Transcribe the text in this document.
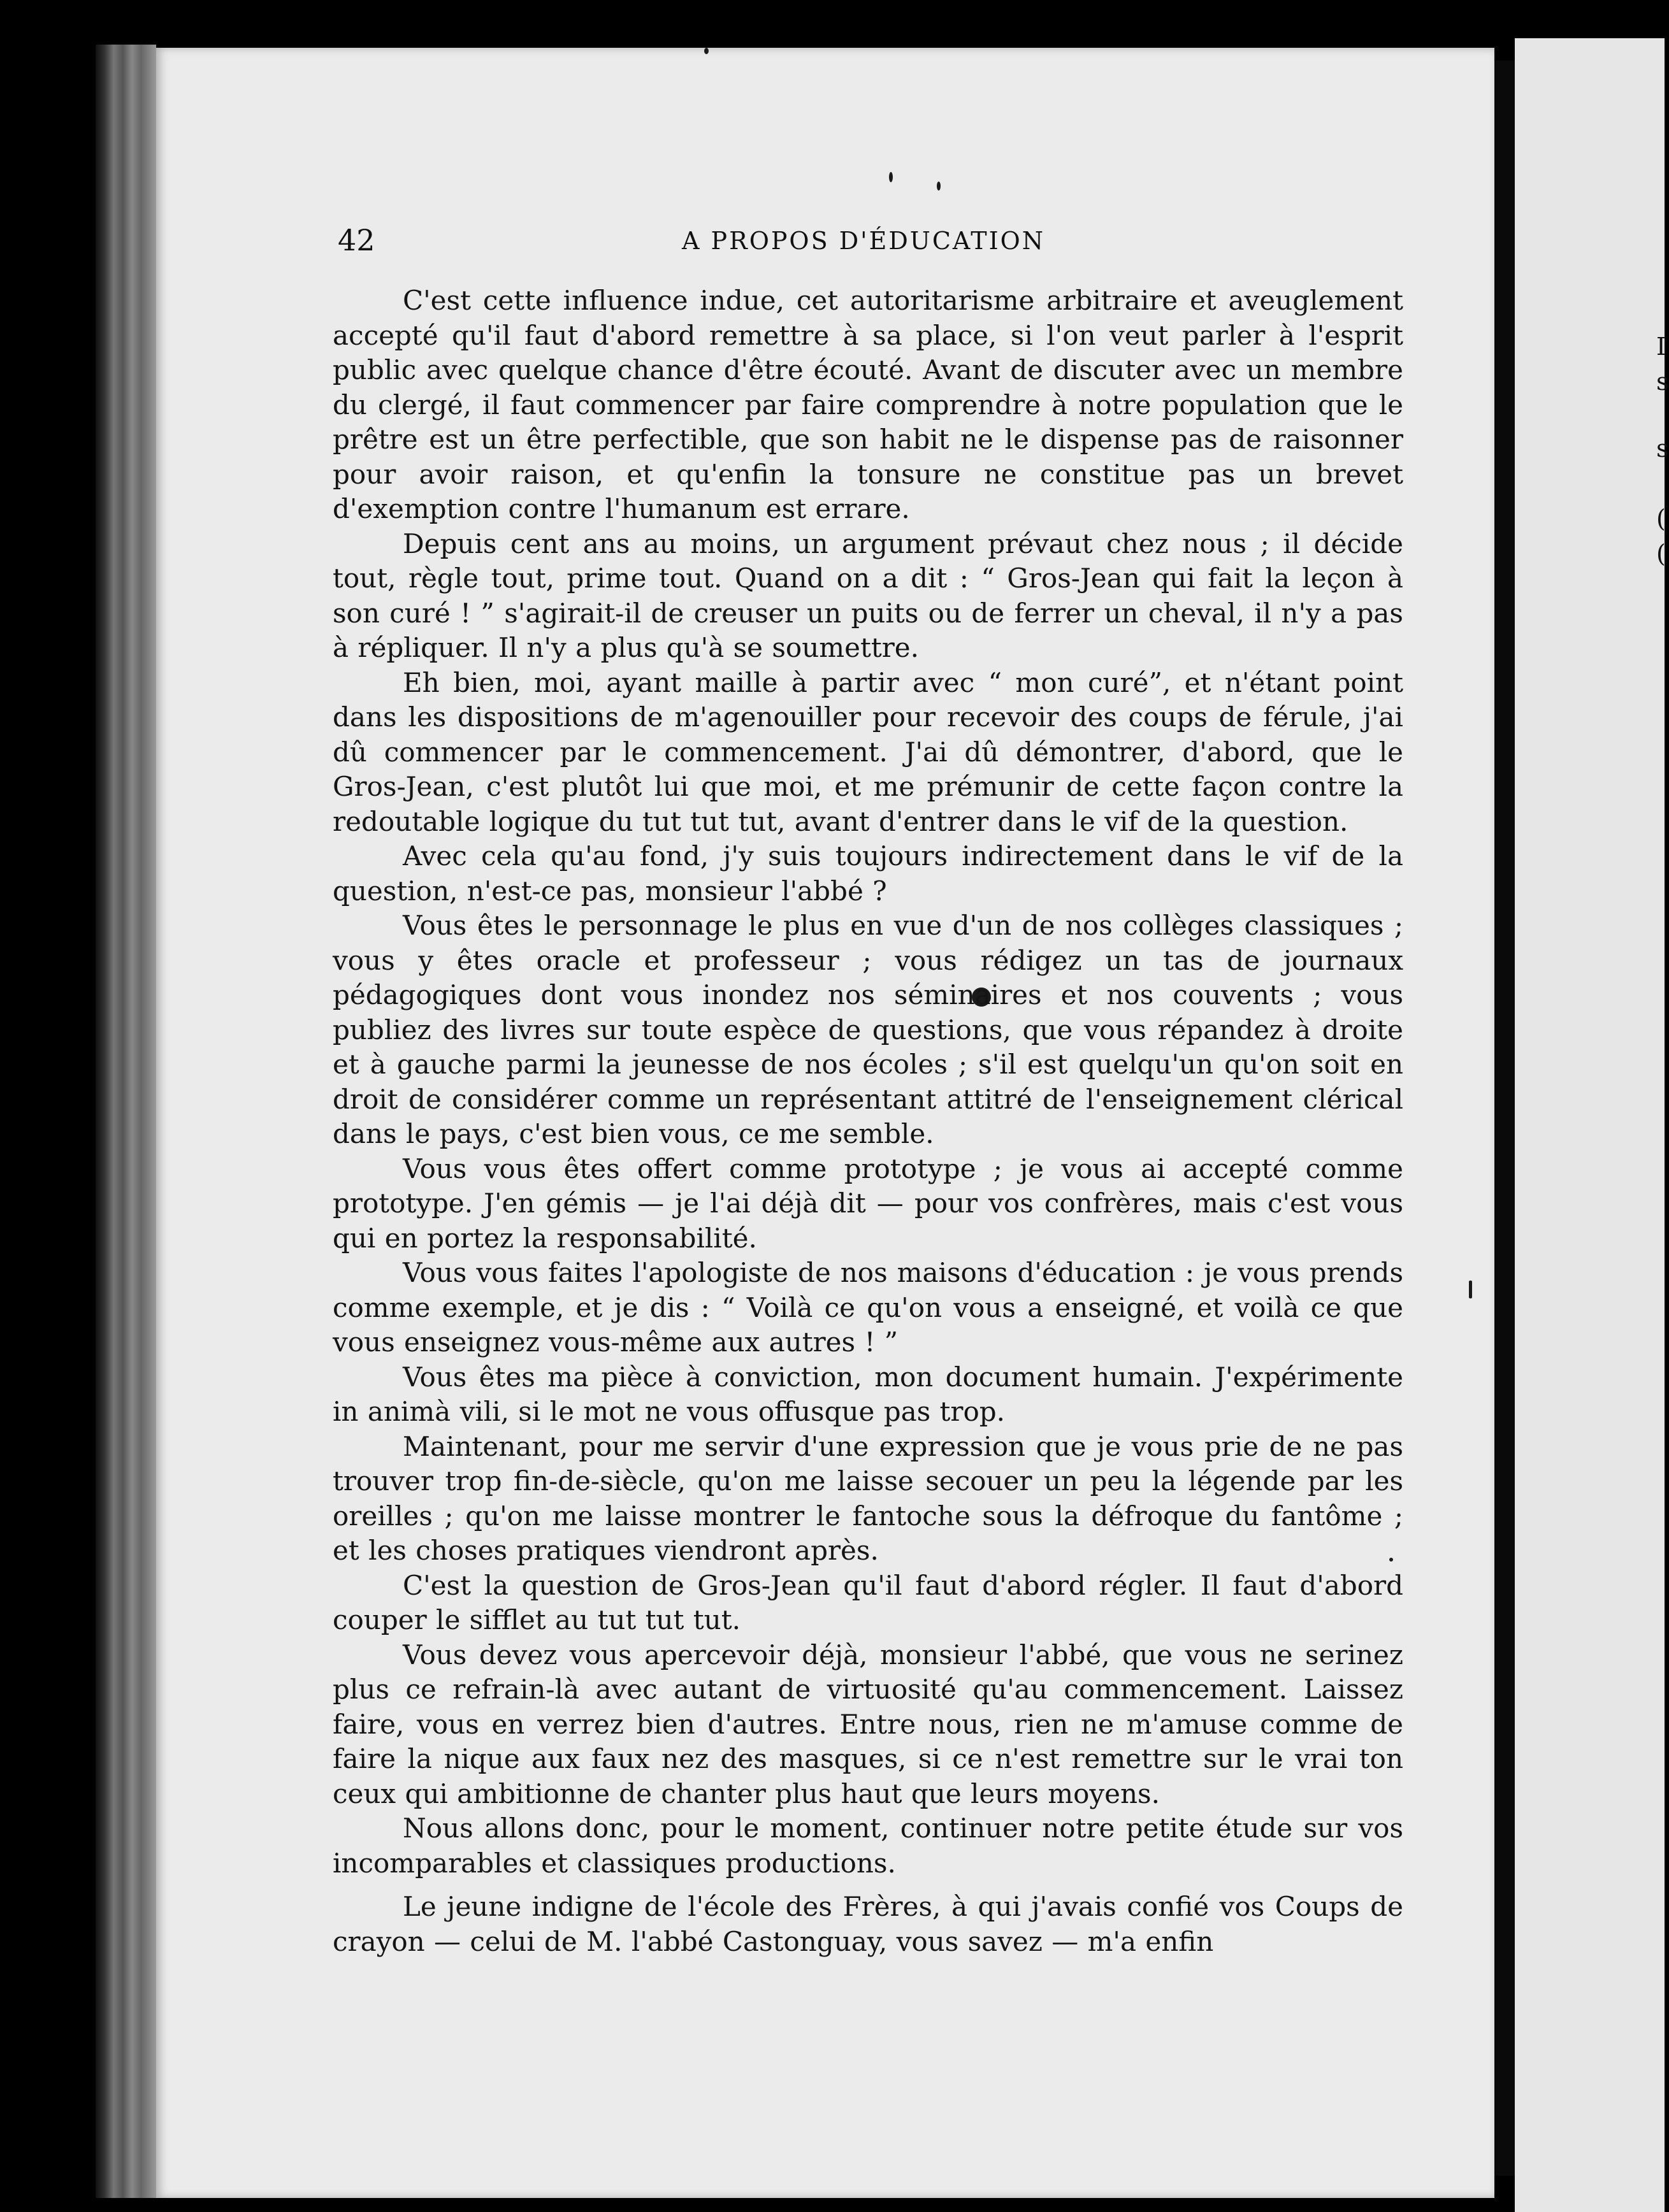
I
s
s
(
(
42	A PROPOS D'ÉDUCATION

C'est cette influence indue, cet autoritarisme arbitraire et aveuglement accepté qu'il faut d'abord remettre à sa place, si l'on veut parler à l'esprit public avec quelque chance d'être écouté. Avant de discuter avec un membre du clergé, il faut commencer par faire comprendre à notre population que le prêtre est un être perfectible, que son habit ne le dispense pas de raisonner pour avoir raison, et qu'enfin la tonsure ne constitue pas un brevet d'exemption contre l'humanum est errare.

Depuis cent ans au moins, un argument prévaut chez nous ; il décide tout, règle tout, prime tout. Quand on a dit : “ Gros-Jean qui fait la leçon à son curé ! ” s'agirait-il de creuser un puits ou de ferrer un cheval, il n'y a pas à répliquer. Il n'y a plus qu'à se soumettre.

Eh bien, moi, ayant maille à partir avec “ mon curé”, et n'étant point dans les dispositions de m'agenouiller pour recevoir des coups de férule, j'ai dû commencer par le commencement. J'ai dû démontrer, d'abord, que le Gros-Jean, c'est plutôt lui que moi, et me prémunir de cette façon contre la redoutable logique du tut tut tut, avant d'entrer dans le vif de la question.

Avec cela qu'au fond, j'y suis toujours indirectement dans le vif de la question, n'est-ce pas, monsieur l'abbé ?

Vous êtes le personnage le plus en vue d'un de nos collèges classiques ; vous y êtes oracle et professeur ; vous rédigez un tas de journaux pédagogiques dont vous inondez nos séminaires et nos couvents ; vous publiez des livres sur toute espèce de questions, que vous répandez à droite et à gauche parmi la jeunesse de nos écoles ; s'il est quelqu'un qu'on soit en droit de considérer comme un représentant attitré de l'enseignement clérical dans le pays, c'est bien vous, ce me semble.

Vous vous êtes offert comme prototype ; je vous ai accepté comme prototype. J'en gémis — je l'ai déjà dit — pour vos confrères, mais c'est vous qui en portez la responsabilité.

Vous vous faites l'apologiste de nos maisons d'éducation : je vous prends comme exemple, et je dis : “ Voilà ce qu'on vous a enseigné, et voilà ce que vous enseignez vous-même aux autres ! ”

Vous êtes ma pièce à conviction, mon document humain. J'expérimente in animà vili, si le mot ne vous offusque pas trop.

Maintenant, pour me servir d'une expression que je vous prie de ne pas trouver trop fin-de-siècle, qu'on me laisse secouer un peu la légende par les oreilles ; qu'on me laisse montrer le fantoche sous la défroque du fantôme ; et les choses pratiques viendront après.

C'est la question de Gros-Jean qu'il faut d'abord régler. Il faut d'abord couper le sifflet au tut tut tut.

Vous devez vous apercevoir déjà, monsieur l'abbé, que vous ne serinez plus ce refrain-là avec autant de virtuosité qu'au commencement. Laissez faire, vous en verrez bien d'autres. Entre nous, rien ne m'amuse comme de faire la nique aux faux nez des masques, si ce n'est remettre sur le vrai ton ceux qui ambitionne de chanter plus haut que leurs moyens.

Nous allons donc, pour le moment, continuer notre petite étude sur vos incomparables et classiques productions.

Le jeune indigne de l'école des Frères, à qui j'avais confié vos Coups de crayon — celui de M. l'abbé Castonguay, vous savez — m'a enfin
